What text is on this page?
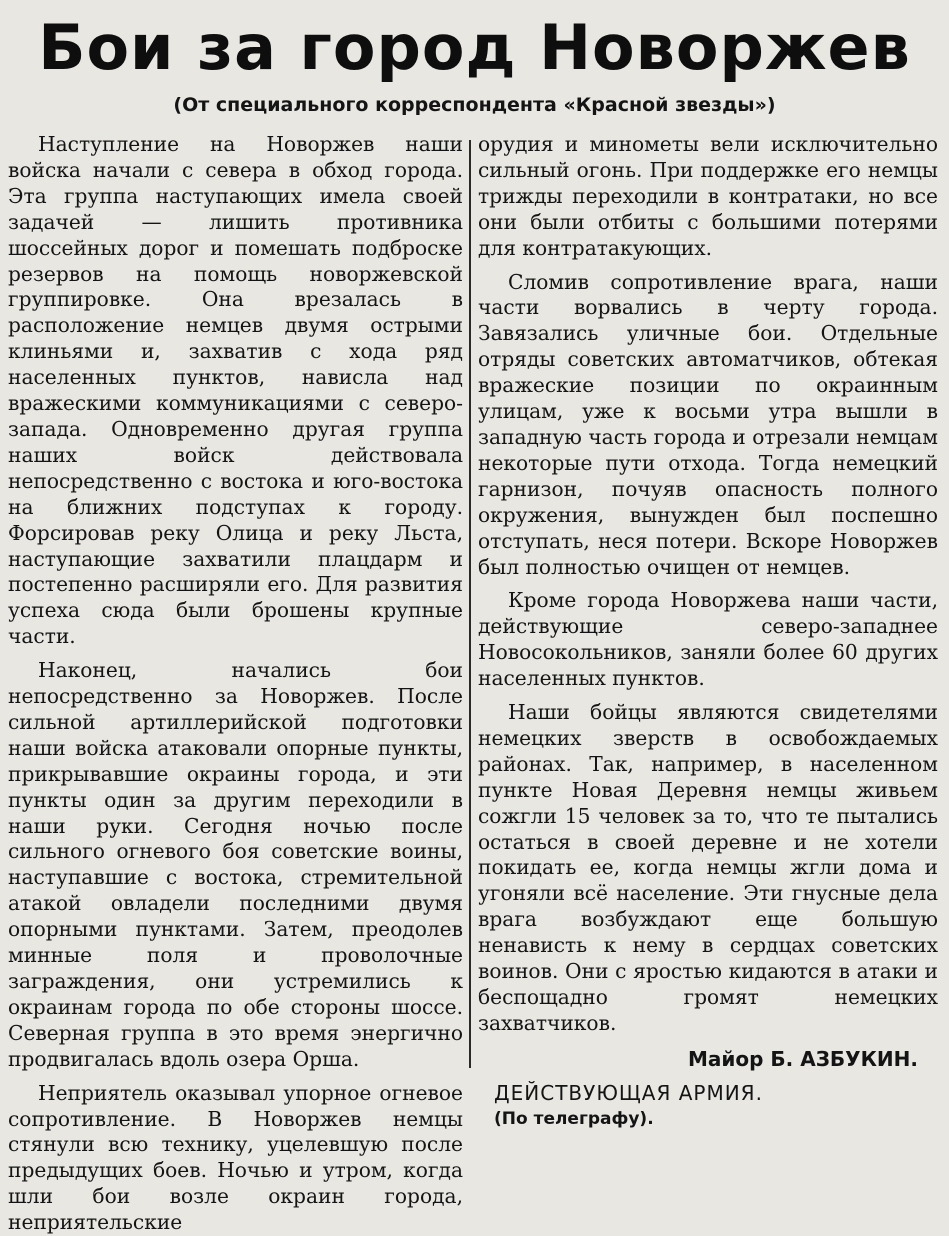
Бои за город Новоржев
(От специального корреспондента «Красной звезды»)

Наступление на Новоржев наши войска начали с севера в обход города. Эта группа наступающих имела своей задачей — лишить противника шоссейных дорог и помешать подброске резервов на помощь новоржевской группировке. Она врезалась в расположение немцев двумя острыми клиньями и, захватив с хода ряд населенных пунктов, нависла над вражескими коммуникациями с северо-запада. Одновременно другая группа наших войск действовала непосредственно с востока и юго-востока на ближних подступах к городу. Форсировав реку Олица и реку Льста, наступающие захватили плацдарм и постепенно расширяли его. Для развития успеха сюда были брошены крупные части.

Наконец, начались бои непосредственно за Новоржев. После сильной артиллерийской подготовки наши войска атаковали опорные пункты, прикрывавшие окраины города, и эти пункты один за другим переходили в наши руки. Сегодня ночью после сильного огневого боя советские воины, наступавшие с востока, стремительной атакой овладели последними двумя опорными пунктами. Затем, преодолев минные поля и проволочные заграждения, они устремились к окраинам города по обе стороны шоссе. Северная группа в это время энергично продвигалась вдоль озера Орша.

Неприятель оказывал упорное огневое сопротивление. В Новоржев немцы стянули всю технику, уцелевшую после предыдущих боев. Ночью и утром, когда шли бои возле окраин города, неприятельские

орудия и минометы вели исключительно сильный огонь. При поддержке его немцы трижды переходили в контратаки, но все они были отбиты с большими потерями для контратакующих.

Сломив сопротивление врага, наши части ворвались в черту города. Завязались уличные бои. Отдельные отряды советских автоматчиков, обтекая вражеские позиции по окраинным улицам, уже к восьми утра вышли в западную часть города и отрезали немцам некоторые пути отхода. Тогда немецкий гарнизон, почуяв опасность полного окружения, вынужден был поспешно отступать, неся потери. Вскоре Новоржев был полностью очищен от немцев.

Кроме города Новоржева наши части, действующие северо-западнее Новосокольников, заняли более 60 других населенных пунктов.

Наши бойцы являются свидетелями немецких зверств в освобождаемых районах. Так, например, в населенном пункте Новая Деревня немцы живьем сожгли 15 человек за то, что те пытались остаться в своей деревне и не хотели покидать ее, когда немцы жгли дома и угоняли всё население. Эти гнусные дела врага возбуждают еще большую ненависть к нему в сердцах советских воинов. Они с яростью кидаются в атаки и беспощадно громят немецких захватчиков.

Майор Б. АЗБУКИН.
ДЕЙСТВУЮЩАЯ АРМИЯ.
(По телеграфу).
